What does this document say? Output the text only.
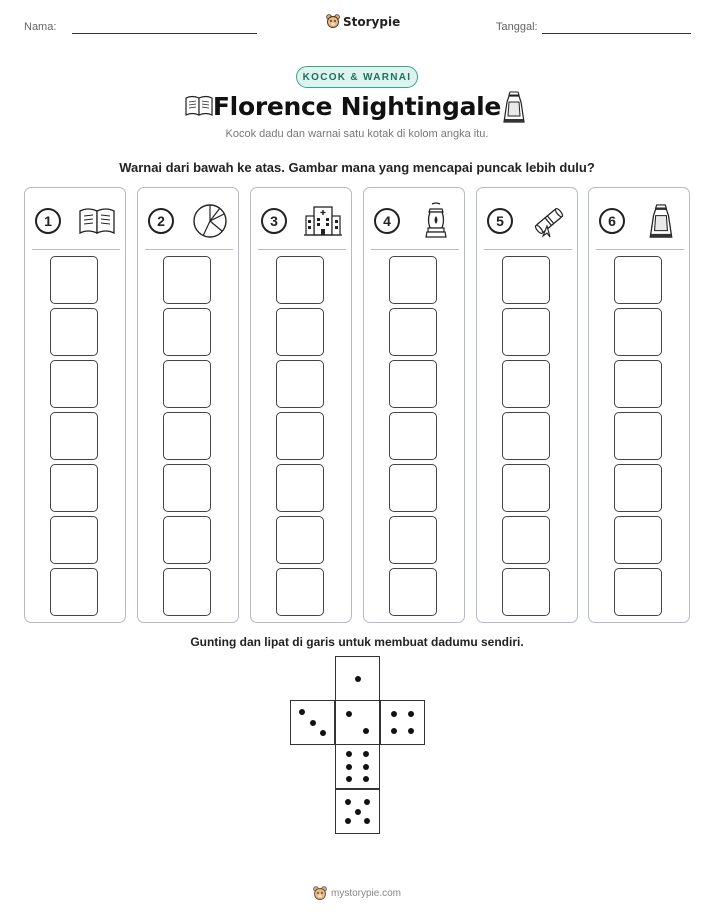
Nama:	Storypie	Tanggal:
KOCOK & WARNAI
Florence Nightingale
Kocok dadu dan warnai satu kotak di kolom angka itu.
Warnai dari bawah ke atas. Gambar mana yang mencapai puncak lebih dulu?
1	2	3	4	5	6
Gunting dan lipat di garis untuk membuat dadumu sendiri.
mystorypie.com
